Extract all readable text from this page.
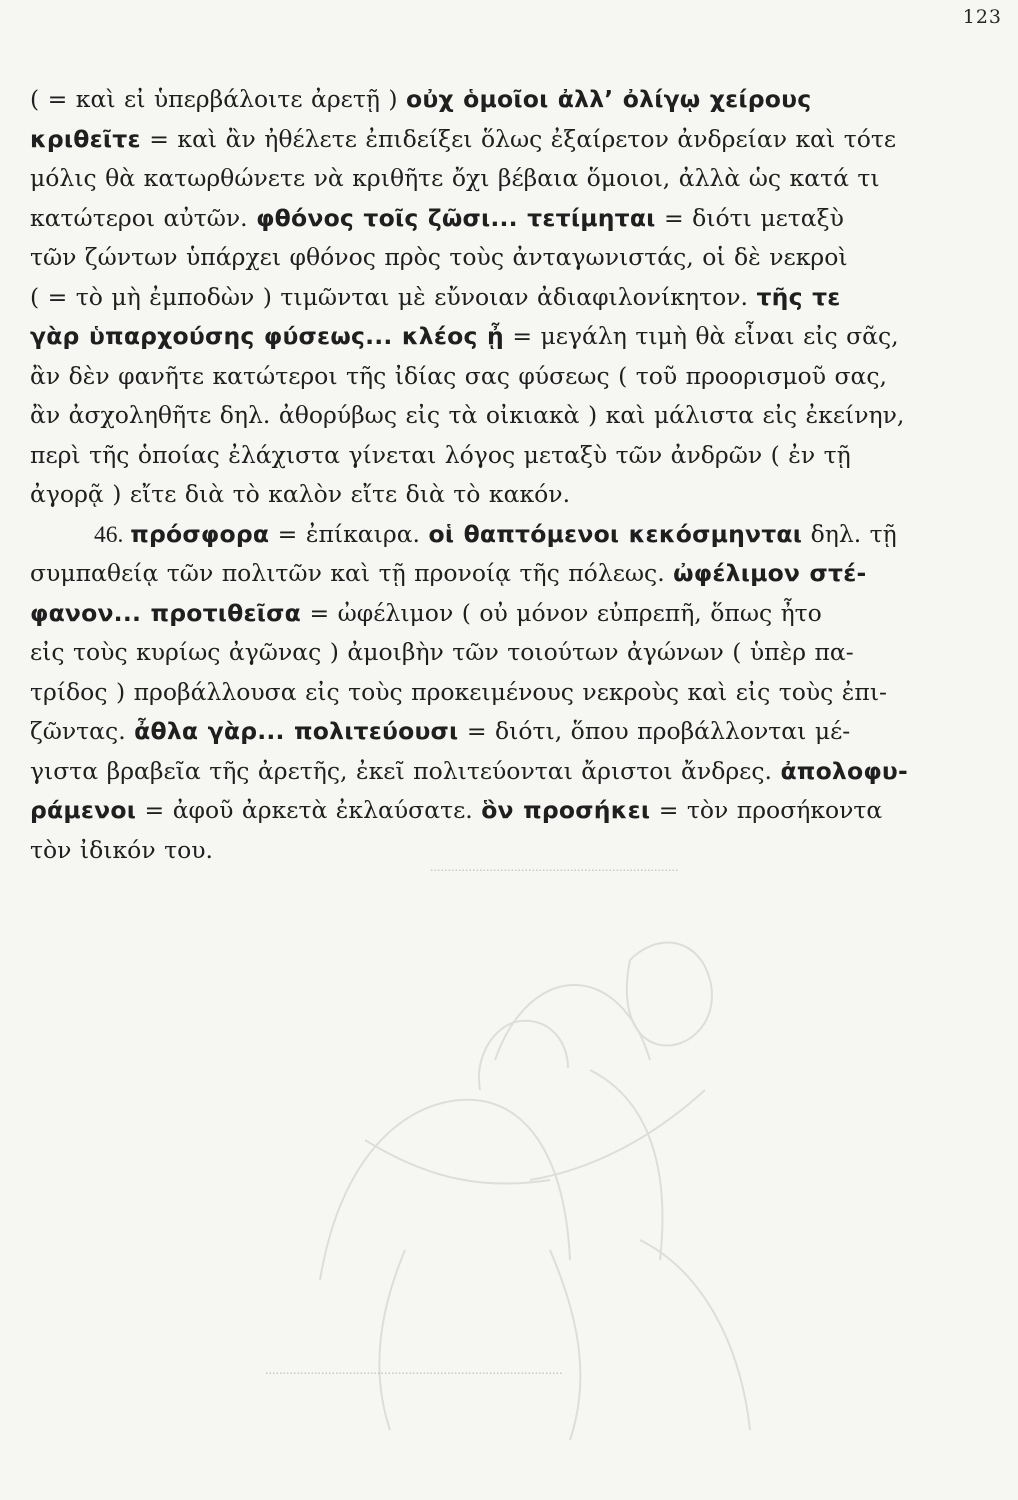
123
( = καὶ εἰ ὑπερβάλοιτε ἀρετῇ ) οὐχ ὁμοῖοι ἀλλ’ ὀλίγῳ χείρους
κριθεῖτε = καὶ ἂν ἠθέλετε ἐπιδείξει ὅλως ἐξαίρετον ἀνδρείαν καὶ τότε
μόλις θὰ κατωρθώνετε νὰ κριθῆτε ὄχι βέβαια ὅμοιοι, ἀλλὰ ὡς κατά τι
κατώτεροι αὐτῶν. φθόνος τοῖς ζῶσι... τετίμηται = διότι μεταξὺ
τῶν ζώντων ὑπάρχει φθόνος πρὸς τοὺς ἀνταγωνιστάς, οἱ δὲ νεκροὶ
( = τὸ μὴ ἐμποδὼν ) τιμῶνται μὲ εὔνοιαν ἀδιαφιλονίκητον. τῆς τε
γὰρ ὑπαρχούσης φύσεως... κλέος ᾖ = μεγάλη τιμὴ θὰ εἶναι εἰς σᾶς,
ἂν δὲν φανῆτε κατώτεροι τῆς ἰδίας σας φύσεως ( τοῦ προορισμοῦ σας,
ἂν ἀσχοληθῆτε δηλ. ἀθορύβως εἰς τὰ οἰκιακὰ ) καὶ μάλιστα εἰς ἐκείνην,
περὶ τῆς ὁποίας ἐλάχιστα γίνεται λόγος μεταξὺ τῶν ἀνδρῶν ( ἐν τῇ
ἀγορᾷ ) εἴτε διὰ τὸ καλὸν εἴτε διὰ τὸ κακόν.
46. πρόσφορα = ἐπίκαιρα. οἱ θαπτόμενοι κεκόσμηνται δηλ. τῇ
συμπαθείᾳ τῶν πολιτῶν καὶ τῇ προνοίᾳ τῆς πόλεως. ὠφέλιμον στέ-
φανον... προτιθεῖσα = ὠφέλιμον ( οὐ μόνον εὐπρεπῆ, ὅπως ἦτο
εἰς τοὺς κυρίως ἀγῶνας ) ἀμοιβὴν τῶν τοιούτων ἀγώνων ( ὑπὲρ πα-
τρίδος ) προβάλλουσα εἰς τοὺς προκειμένους νεκροὺς καὶ εἰς τοὺς ἐπι-
ζῶντας. ἆθλα γὰρ... πολιτεύουσι = διότι, ὅπου προβάλλονται μέ-
γιστα βραβεῖα τῆς ἀρετῆς, ἐκεῖ πολιτεύονται ἄριστοι ἄνδρες. ἀπολοφυ-
ράμενοι = ἀφοῦ ἀρκετὰ ἐκλαύσατε. ὃν προσήκει = τὸν προσήκοντα
τὸν ἰδικόν του.
.......................................................................
.....................................................................................
